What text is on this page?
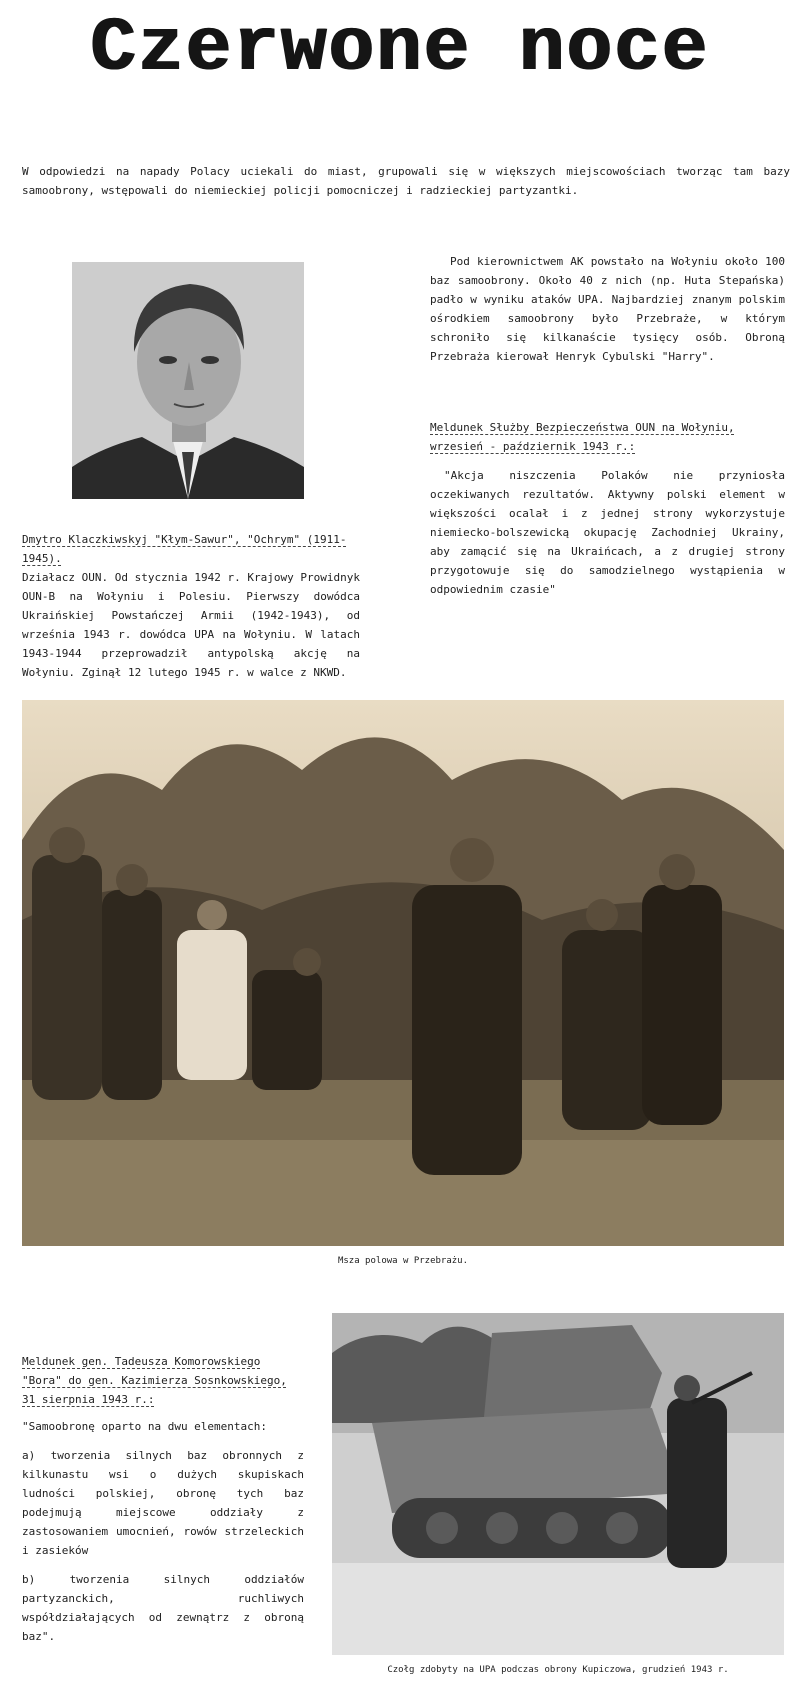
Czerwone noce

W odpowiedzi na napady Polacy uciekali do miast, grupowali się w większych miejscowościach tworząc tam bazy samoobrony, wstępowali do niemieckiej policji pomocniczej i radzieckiej partyzantki.

Dmytro Klaczkiwskyj "Kłym-Sawur", "Ochrym" (1911-1945).

Działacz OUN. Od stycznia 1942 r. Krajowy Prowidnyk OUN-B na Wołyniu i Polesiu. Pierwszy dowódca Ukraińskiej Powstańczej Armii (1942-1943), od września 1943 r. dowódca UPA na Wołyniu. W latach 1943-1944 przeprowadził antypolską akcję na Wołyniu. Zginął 12 lutego 1945 r. w walce z NKWD.

Pod kierownictwem AK powstało na Wołyniu około 100 baz samoobrony. Około 40 z nich (np. Huta Stepańska) padło w wyniku ataków UPA. Najbardziej znanym polskim ośrodkiem samoobrony było Przebraże, w którym schroniło się kilkanaście tysięcy osób. Obroną Przebraża kierował Henryk Cybulski "Harry".

Meldunek Służby Bezpieczeństwa OUN na Wołyniu, wrzesień - październik 1943 r.:

"Akcja niszczenia Polaków nie przyniosła oczekiwanych rezultatów. Aktywny polski element w większości ocalał i z jednej strony wykorzystuje niemiecko-bolszewicką okupację Zachodniej Ukrainy, aby zamącić się na Ukraińcach, a z drugiej strony przygotowuje się do samodzielnego wystąpienia w odpowiednim czasie"

Msza polowa w Przebrażu.

Meldunek gen. Tadeusza Komorowskiego "Bora" do gen. Kazimierza Sosnkowskiego, 31 sierpnia 1943 r.:

"Samoobronę oparto na dwu elementach:

a) tworzenia silnych baz obronnych z kilkunastu wsi o dużych skupiskach ludności polskiej, obronę tych baz podejmują miejscowe oddziały z zastosowaniem umocnień, rowów strzeleckich i zasieków

b) tworzenia silnych oddziałów partyzanckich, ruchliwych współdziałających od zewnątrz z obroną baz".

Czołg zdobyty na UPA podczas obrony Kupiczowa, grudzień 1943 r.
